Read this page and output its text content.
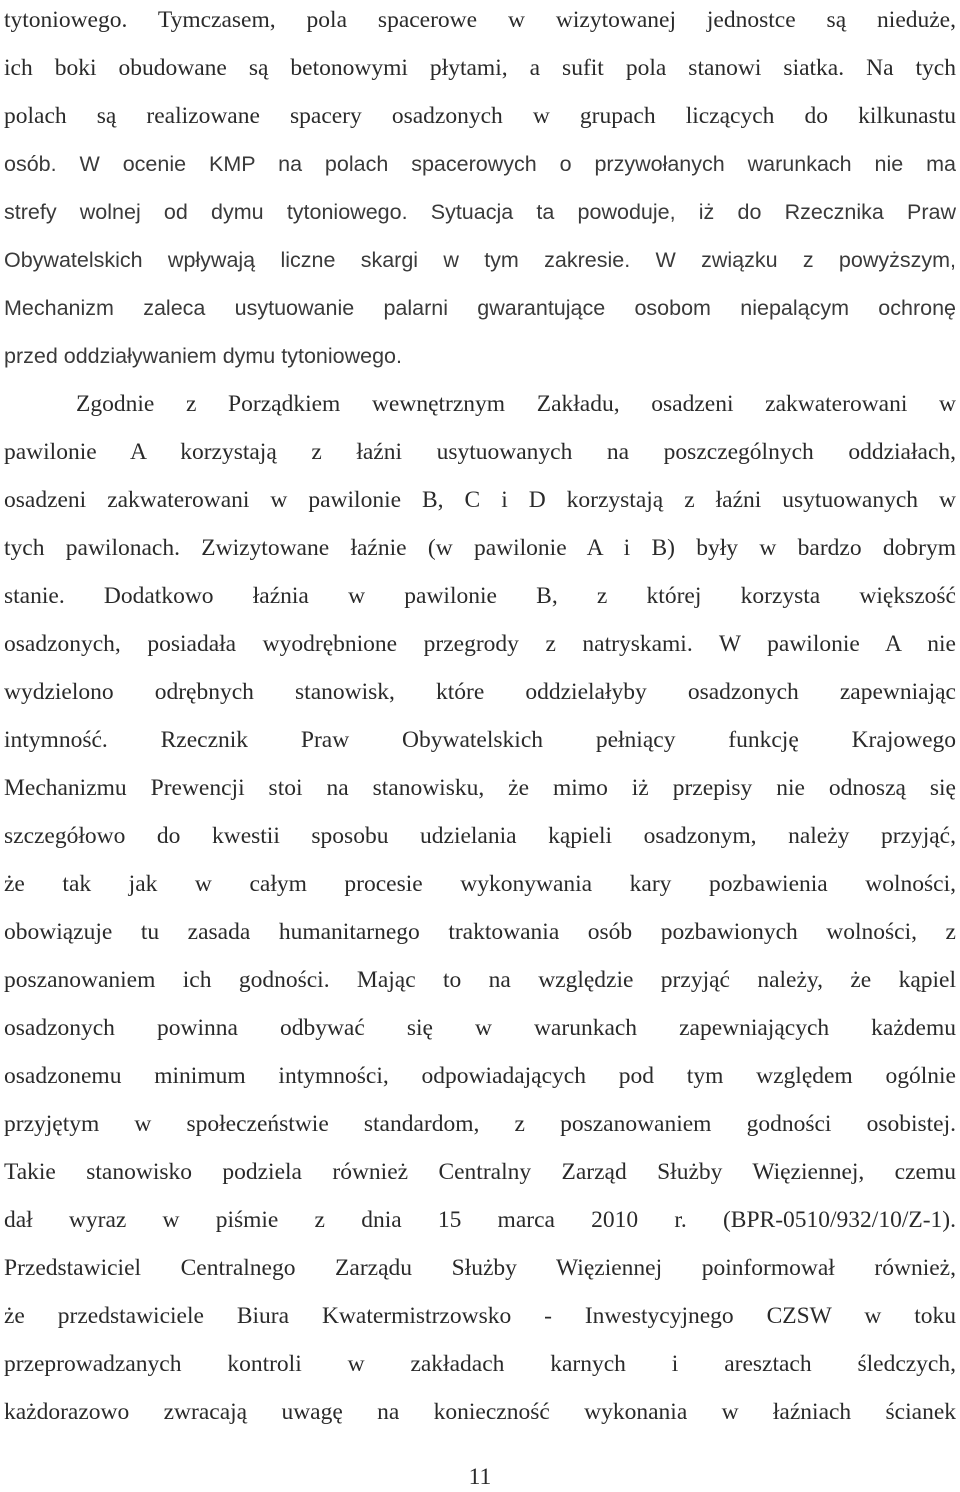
tytoniowego. Tymczasem, pola spacerowe w wizytowanej jednostce są nieduże,
ich boki obudowane są betonowymi płytami, a sufit pola stanowi siatka. Na tych
polach są realizowane spacery osadzonych w grupach liczących do kilkunastu
osób. W ocenie KMP na polach spacerowych o przywołanych warunkach nie ma
strefy wolnej od dymu tytoniowego. Sytuacja ta powoduje, iż do Rzecznika Praw
Obywatelskich wpływają liczne skargi w tym zakresie. W związku z powyższym,
Mechanizm zaleca usytuowanie palarni gwarantujące osobom niepalącym ochronę
przed oddziaływaniem dymu tytoniowego.
Zgodnie z Porządkiem wewnętrznym Zakładu, osadzeni zakwaterowani w
pawilonie A korzystają z łaźni usytuowanych na poszczególnych oddziałach,
osadzeni zakwaterowani w pawilonie B, C i D korzystają z łaźni usytuowanych w
tych pawilonach. Zwizytowane łaźnie (w pawilonie A i B) były w bardzo dobrym
stanie. Dodatkowo łaźnia w pawilonie B, z której korzysta większość
osadzonych, posiadała wyodrębnione przegrody z natryskami. W pawilonie A nie
wydzielono odrębnych stanowisk, które oddzielałyby osadzonych zapewniając
intymność. Rzecznik Praw Obywatelskich pełniący funkcję Krajowego
Mechanizmu Prewencji stoi na stanowisku, że mimo iż przepisy nie odnoszą się
szczegółowo do kwestii sposobu udzielania kąpieli osadzonym, należy przyjąć,
że tak jak w całym procesie wykonywania kary pozbawienia wolności,
obowiązuje tu zasada humanitarnego traktowania osób pozbawionych wolności, z
poszanowaniem ich godności. Mając to na względzie przyjąć należy, że kąpiel
osadzonych powinna odbywać się w warunkach zapewniających każdemu
osadzonemu minimum intymności, odpowiadających pod tym względem ogólnie
przyjętym w społeczeństwie standardom, z poszanowaniem godności osobistej.
Takie stanowisko podziela również Centralny Zarząd Służby Więziennej, czemu
dał wyraz w piśmie z dnia 15 marca 2010 r. (BPR-0510/932/10/Z-1).
Przedstawiciel Centralnego Zarządu Służby Więziennej poinformował również,
że przedstawiciele Biura Kwatermistrzowsko - Inwestycyjnego CZSW w toku
przeprowadzanych kontroli w zakładach karnych i aresztach śledczych,
każdorazowo zwracają uwagę na konieczność wykonania w łaźniach ścianek
11
